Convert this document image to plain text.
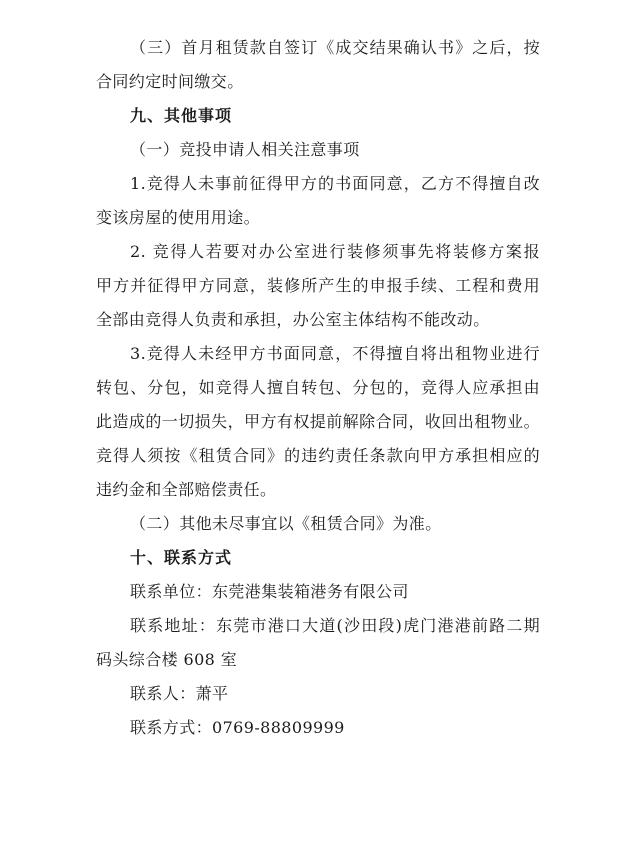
（三）首月租赁款自签订《成交结果确认书》之后，按
合同约定时间缴交。
九、其他事项
（一）竞投申请人相关注意事项
1.竞得人未事前征得甲方的书面同意，乙方不得擅自改
变该房屋的使用用途。
2. 竞得人若要对办公室进行装修须事先将装修方案报
甲方并征得甲方同意，装修所产生的申报手续、工程和费用
全部由竞得人负责和承担，办公室主体结构不能改动。
3.竞得人未经甲方书面同意，不得擅自将出租物业进行
转包、分包，如竞得人擅自转包、分包的，竞得人应承担由
此造成的一切损失，甲方有权提前解除合同，收回出租物业。
竞得人须按《租赁合同》的违约责任条款向甲方承担相应的
违约金和全部赔偿责任。
（二）其他未尽事宜以《租赁合同》为准。
十、联系方式
联系单位：东莞港集装箱港务有限公司
联系地址：东莞市港口大道(沙田段)虎门港港前路二期
码头综合楼 608 室
联系人：萧平
联系方式：0769-88809999
